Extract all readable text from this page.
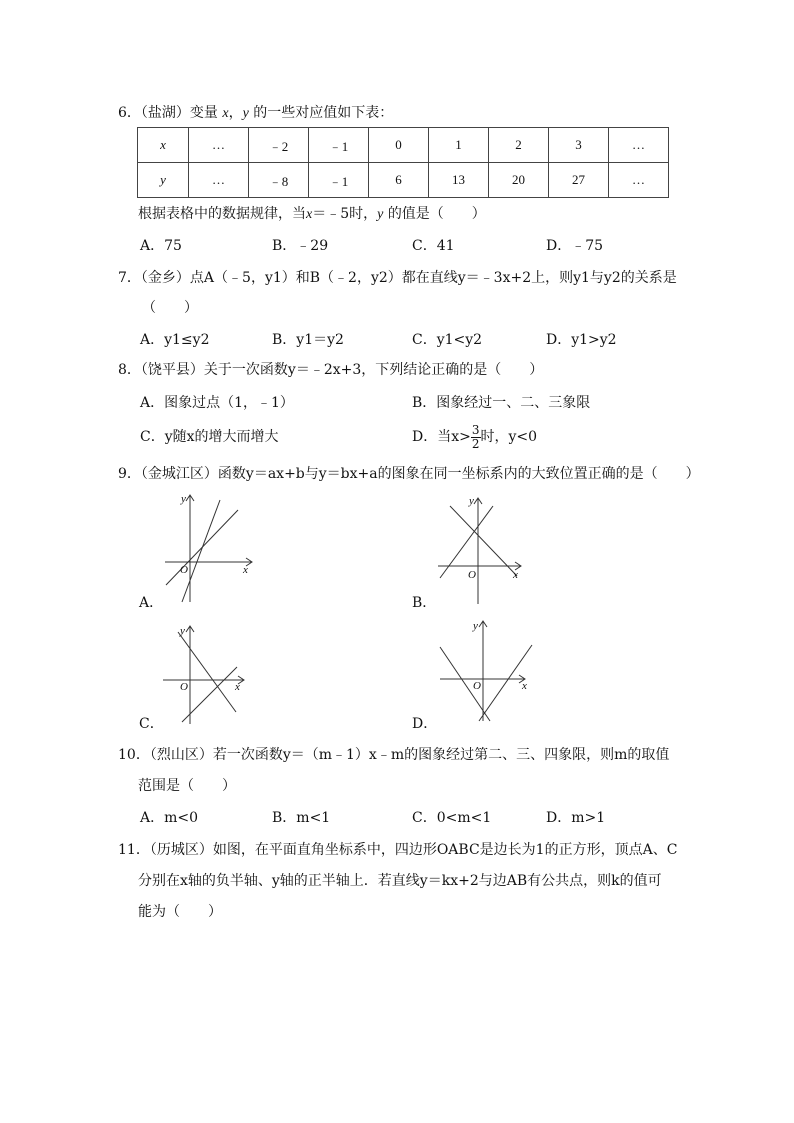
6．（盐湖）变量 x，y 的一些对应值如下表：
x	…	﹣2	﹣1	0	1	2	3	…
y	…	﹣8	﹣1	6	13	20	27	…
根据表格中的数据规律，当x＝﹣5时，y 的值是（　　）
A．75	B．﹣29	C．41	D．﹣75
7．（金乡）点A（﹣5，y1）和B（﹣2，y2）都在直线y＝﹣3x+2上，则y1与y2的关系是
（　　）
A．y1≤y2	B．y1＝y2	C．y1<y2	D．y1>y2
8．（饶平县）关于一次函数y＝﹣2x+3，下列结论正确的是（　　）
A．图象过点（1，﹣1）	B．图象经过一、二、三象限
C．y随x的增大而增大	D．当$x> \frac{3}{2}$ 时，y<0
9．（金城江区）函数y＝ax+b与y＝bx+a的图象在同一坐标系内的大致位置正确的是（　　）
x
y
O
A．
x
y
O
B．
x
y
O
C．
x
y
O
D．
10．（烈山区）若一次函数y＝（m﹣1）x﹣m的图象经过第二、三、四象限，则m的取值
范围是（　　）
A．m<0	B．m<1	C．0<m<1	D．m>1
11．（历城区）如图，在平面直角坐标系中，四边形OABC是边长为1的正方形，顶点A、C
分别在x轴的负半轴、y轴的正半轴上．若直线y＝kx+2与边AB有公共点，则k的值可
能为（　　）
